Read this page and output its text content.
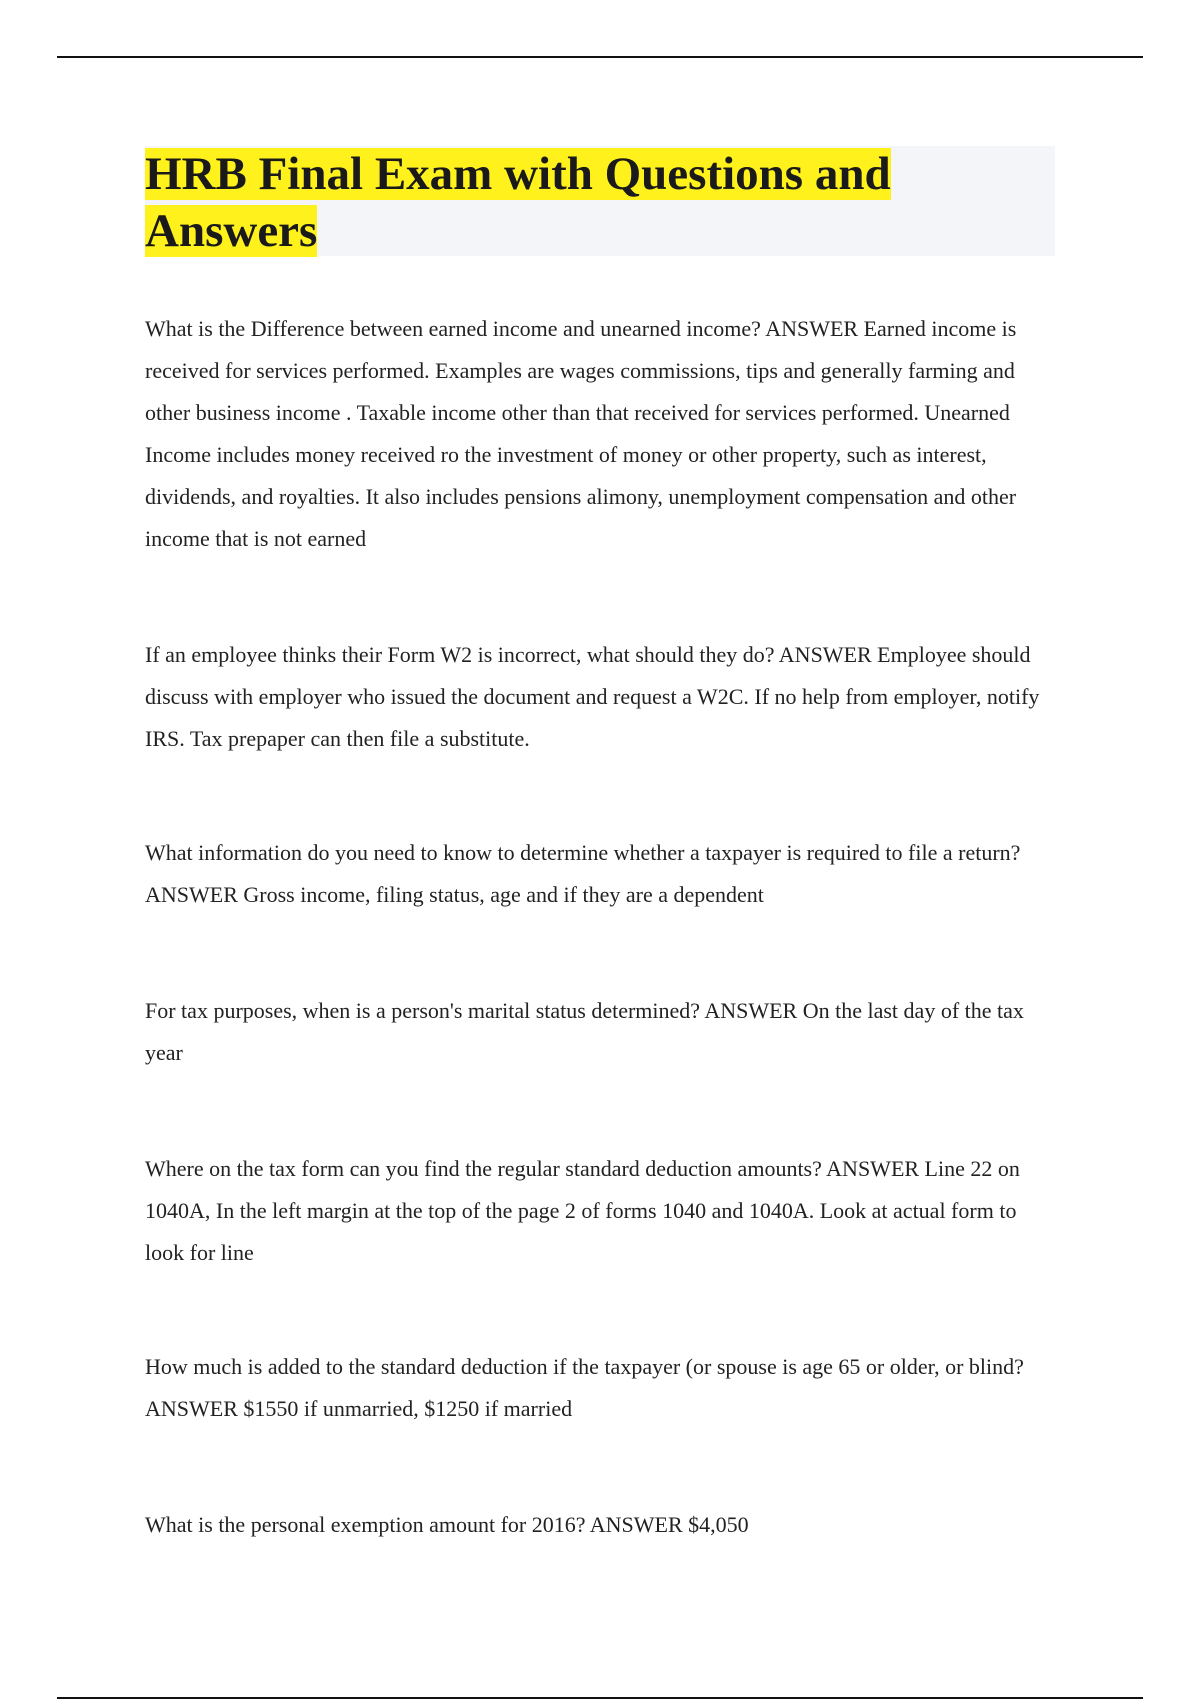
HRB Final Exam with Questions and Answers

What is the Difference between earned income and unearned income? ANSWER Earned income is received for services performed. Examples are wages commissions, tips and generally farming and other business income . Taxable income other than that received for services performed. Unearned Income includes money received ro the investment of money or other property, such as interest, dividends, and royalties. It also includes pensions alimony, unemployment compensation and other income that is not earned

If an employee thinks their Form W2 is incorrect, what should they do? ANSWER Employee should discuss with employer who issued the document and request a W2C. If no help from employer, notify IRS. Tax prepaper can then file a substitute.

What information do you need to know to determine whether a taxpayer is required to file a return? ANSWER Gross income, filing status, age and if they are a dependent

For tax purposes, when is a person's marital status determined? ANSWER On the last day of the tax year

Where on the tax form can you find the regular standard deduction amounts? ANSWER Line 22 on 1040A, In the left margin at the top of the page 2 of forms 1040 and 1040A. Look at actual form to look for line

How much is added to the standard deduction if the taxpayer (or spouse is age 65 or older, or blind? ANSWER $1550 if unmarried, $1250 if married

What is the personal exemption amount for 2016? ANSWER $4,050
